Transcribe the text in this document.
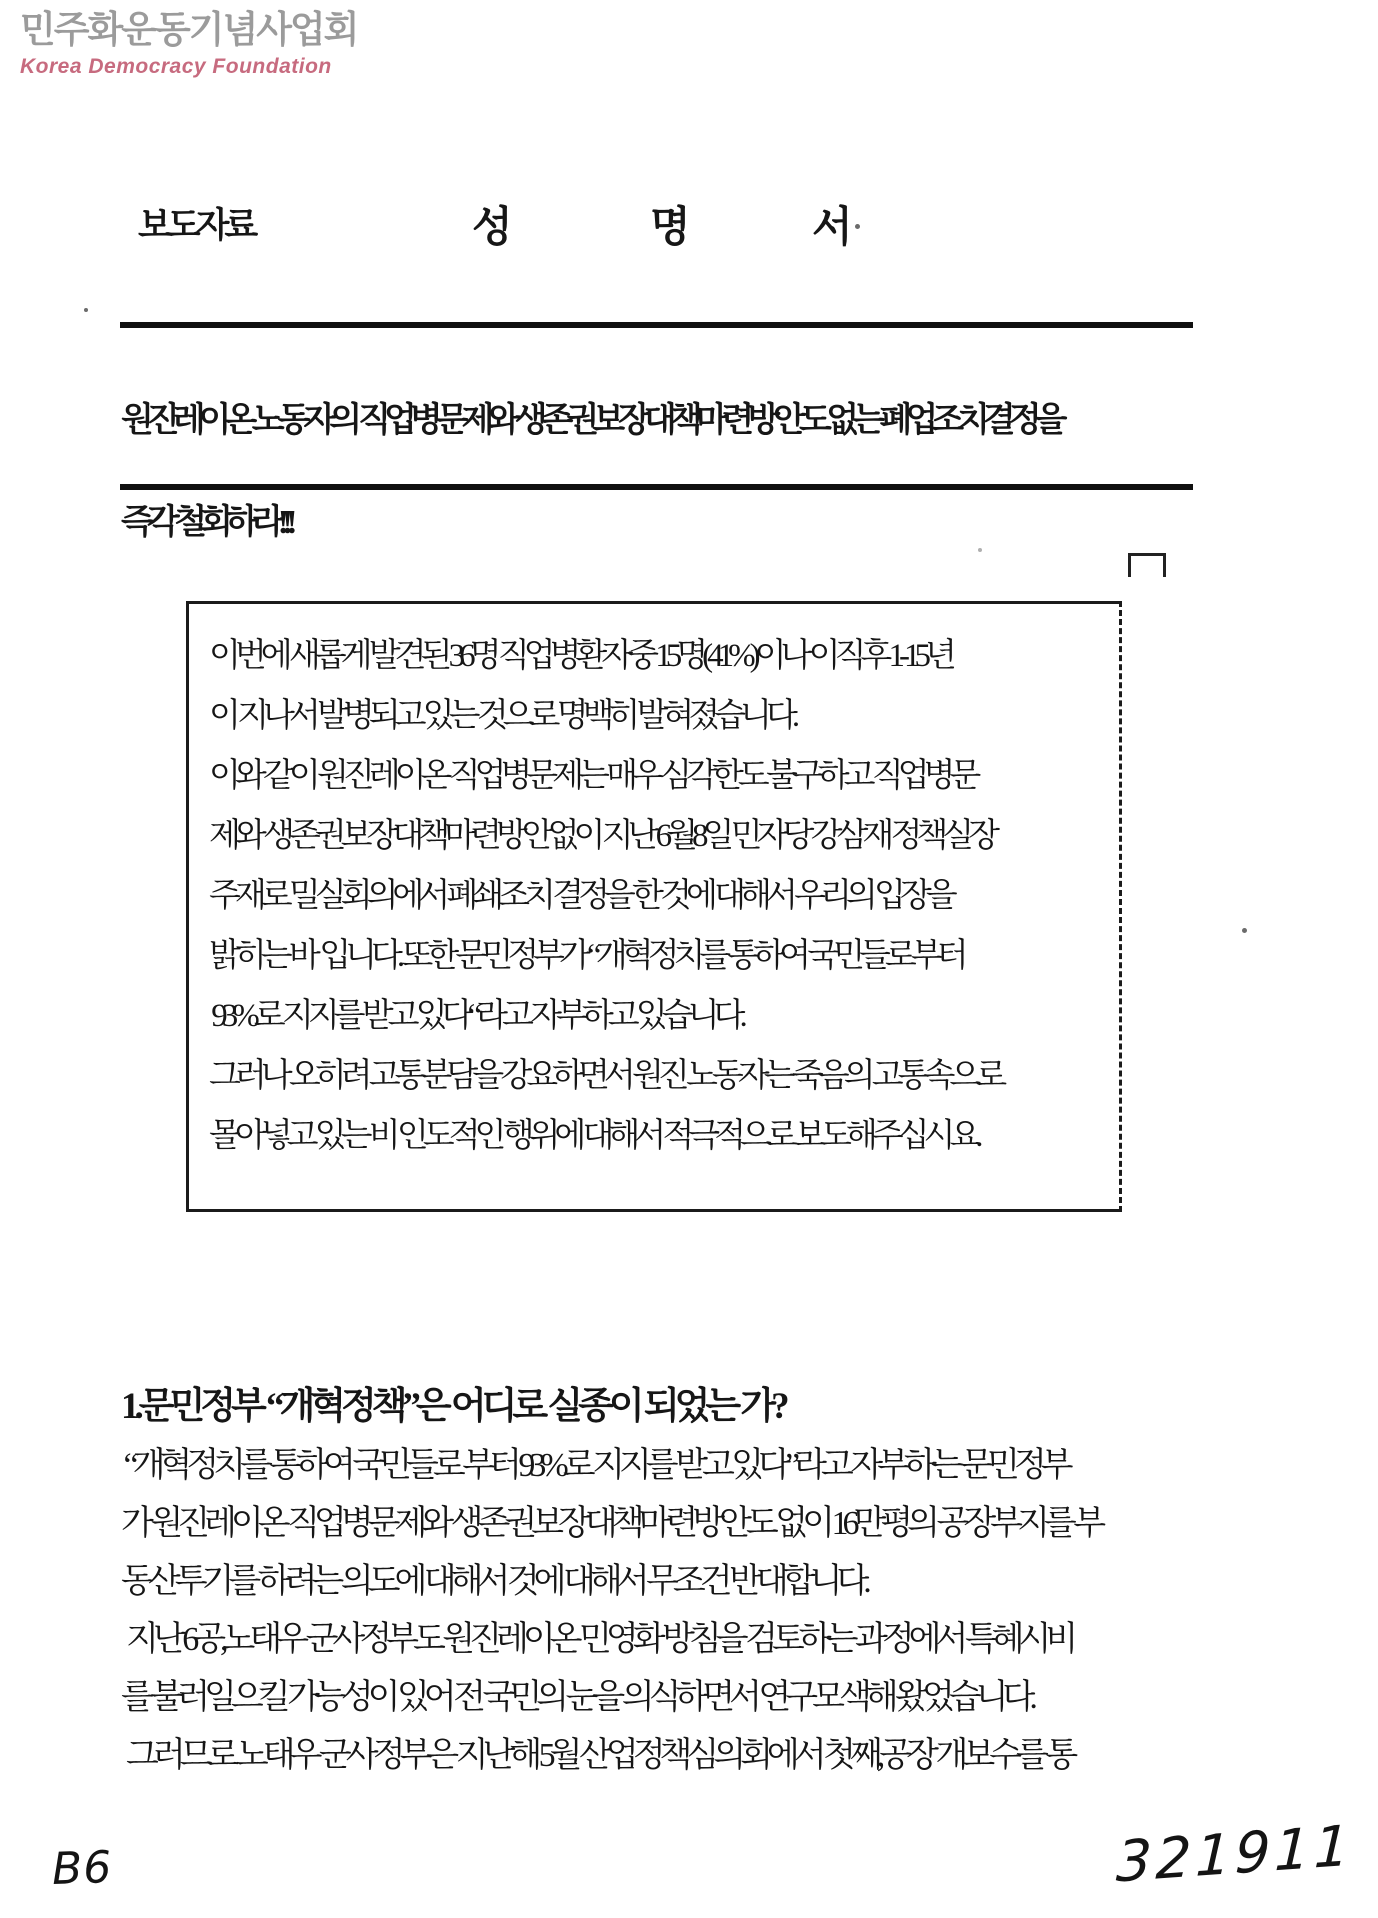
민주화운동기념사업회
Korea Democracy Foundation
보도자료	성	명	서

원진레이온 노동자의  직업병문제와 생존권보장대책마련방안도 없는 폐업조치결정을

즉각 철회하라!!!

이번에 새롭게 발견된 36명 직업병환자중 15명(41%)이나 이직후 1-15년
이 지나서 발병되고 있는 것으로 명백히 발혀졌습니다.
이와 같이 원진레이온 직업병문제는 매우 심각한도 불구하고 직업병문
제와 생존권보장대책마련방안없이 지난 6월8일 민자당 강삼재 정책실장
주재로 밀실회의에서 폐쇄조치 결정을 한 것에 대해서 우리의 입장을
밝히는 바  입니다. 또한 문민정부가 “개혁정치를 통하여 국민들로부터
93%로 지지를 받고 있다“라고 자부하고 있습니다.
그러나 오히려 고통분담을 강요하면서 원진 노동자는 죽음의 고통속으로
몰아넣고 있는 비 인도적인 행위에 대해서 적극적으로 보도해주십시요.
1.문민정부 “개혁정책”은 어디로 실종이 되었는 가?
“개혁정치를 통하여 국민들로 부터 93%로 지지를 받고 있다”라고 자부하는 문민정부
가 원진레이온 직업병문제와 생존권보장대책마련방안도 없이 16만평의 공장부지를 부
동산투기를 하려는 의도에 대해서 것에 대해서 무조건 반대합니다.
지난 6공,노태우 군사정부도 원진레이온 민영화 방침을 검토하는 과정에서 특혜시비
를 불러일으킬 가능성이 있어 전 국민의 눈을 의식하면서 연구모색해 왔었습니다.
그러므로 노태우 군사정부은 지난해 5월 산업정책심의회에서 첫째,공장 개보수를 통
B6	321911
